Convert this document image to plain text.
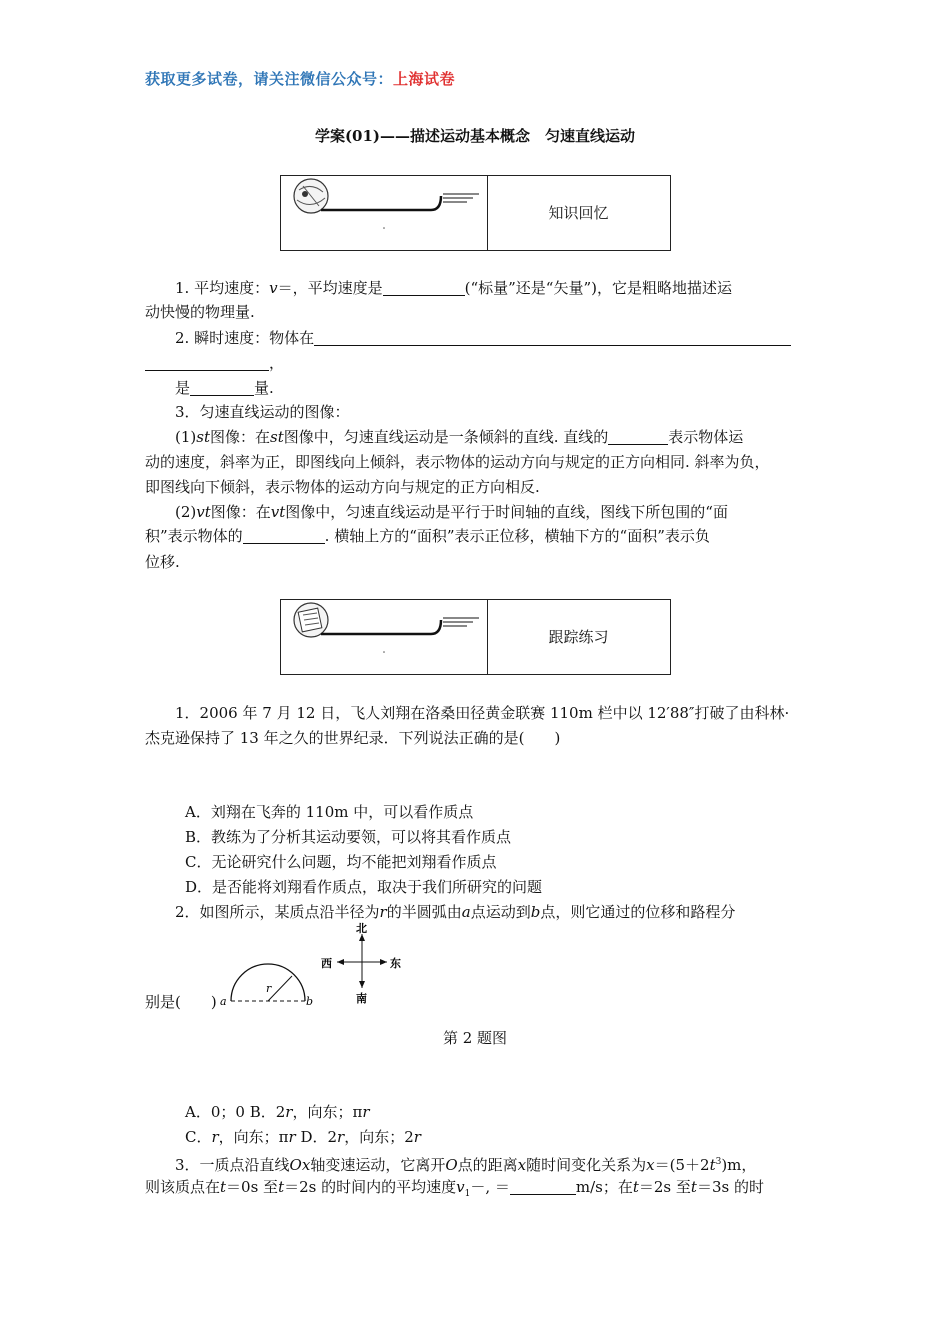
获取更多试卷，请关注微信公众号：上海试卷
学案(01)——描述运动基本概念　匀速直线运动
知识回忆
1. 平均速度：v＝，平均速度是	(“标量”还是“矢量”)，它是粗略地描述运
动快慢的物理量.
2. 瞬时速度：物体在
，
是	量.
3．匀速直线运动的图像：
(1)st图像：在st图像中，匀速直线运动是一条倾斜的直线. 直线的	表示物体运
动的速度，斜率为正，即图线向上倾斜，表示物体的运动方向与规定的正方向相同. 斜率为负，
即图线向下倾斜，表示物体的运动方向与规定的正方向相反.
(2)vt图像：在vt图像中，匀速直线运动是平行于时间轴的直线，图线下所包围的“面
积”表示物体的	. 横轴上方的“面积”表示正位移，横轴下方的“面积”表示负
位移.
跟踪练习
1．2006 年 7 月 12 日，飞人刘翔在洛桑田径黄金联赛 110m 栏中以 12′88″打破了由科林·
杰克逊保持了 13 年之久的世界纪录．下列说法正确的是(　　)
A．刘翔在飞奔的 110m 中，可以看作质点
B．教练为了分析其运动要领，可以将其看作质点
C．无论研究什么问题，均不能把刘翔看作质点
D．是否能将刘翔看作质点，取决于我们所研究的问题
2．如图所示，某质点沿半径为r的半圆弧由a点运动到b点，则它通过的位移和路程分
别是(　　)
r
a	b
北
南
西	东
第 2 题图
A．0；0 B．2r，向东；πr
C．r，向东；πr D．2r，向东；2r
3．一质点沿直线Ox轴变速运动，它离开O点的距离x随时间变化关系为$x=(5+2t^3)m$，
则该质点在t＝0s 至t＝2s 的时间内的平均速度$v_1-$, ＝	m/s；在t＝2s 至t＝3s 的时
